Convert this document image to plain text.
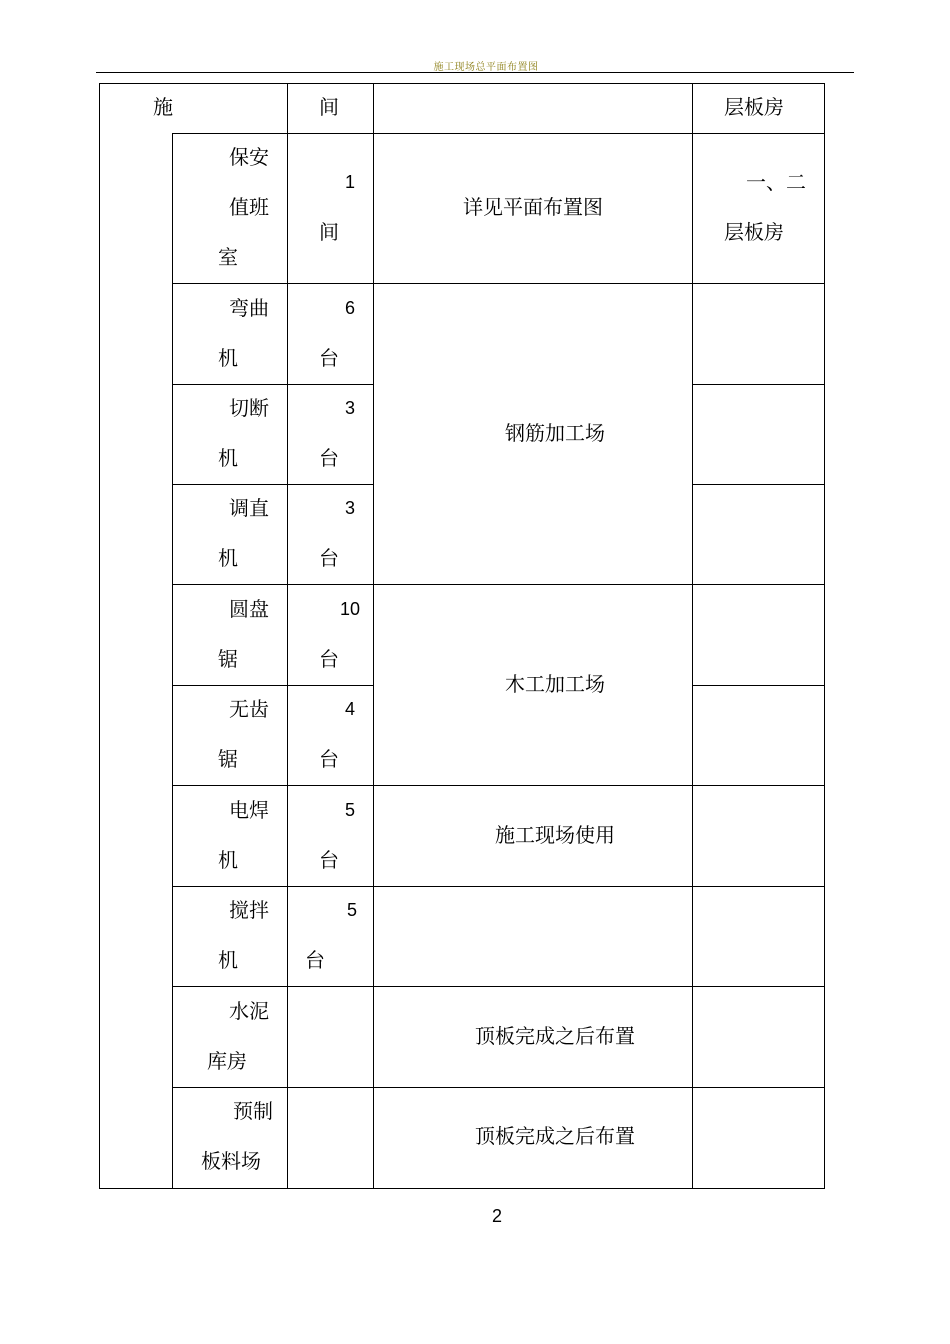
施工现场总平面布置图
施	间	层板房
保安
值班
室
1
间
详见平面布置图
一、二
层板房
弯曲
机
6
台
切断
机
3
台
调直
机
3
台
钢筋加工场
圆盘
锯
10
台
无齿
锯
4
台
木工加工场
电焊
机
5
台
施工现场使用
搅拌
机
5
台
水泥
库房
顶板完成之后布置
预制
板料场
顶板完成之后布置
2
